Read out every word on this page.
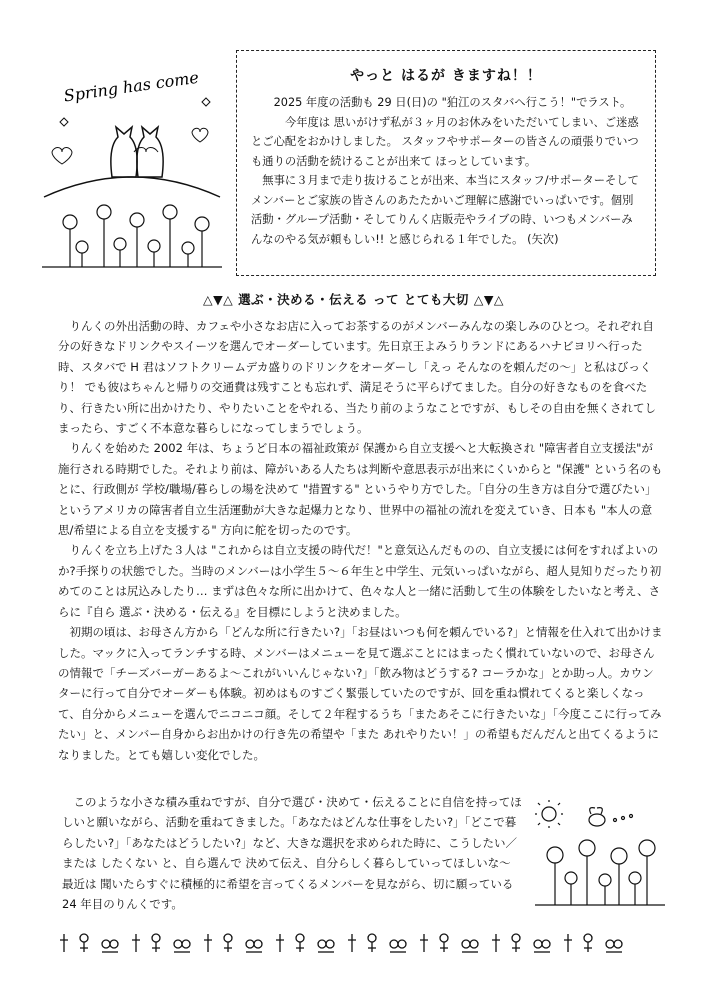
Spring has come	やっと はるが きますね！！

2025 年度の活動も 29 日(日)の "狛江のスタバへ行こう！"でラスト。

今年度は 思いがけず私が３ヶ月のお休みをいただいてしまい、ご迷惑とご心配をおかけしました。 スタッフやサポーターの皆さんの頑張りでいつも通りの活動を続けることが出来て ほっとしています。

無事に３月まで走り抜けることが出来、本当にスタッフ/サポーターそして メンバーとご家族の皆さんのあたたかいご理解に感謝でいっぱいです。個別活動・グループ活動・そしてりんく店販売やライブの時、いつもメンバーみんなのやる気が頼もしい!! と感じられる１年でした。 (矢次)

△▼△ 選ぶ・決める・伝える って とても大切 △▼△

りんくの外出活動の時、カフェや小さなお店に入ってお茶するのがメンバーみんなの楽しみのひとつ。それぞれ自分の好きなドリンクやスイーツを選んでオーダーしています。先日京王よみうりランドにあるハナビヨリへ行った時、スタバで H 君はソフトクリームデカ盛りのドリンクをオーダーし「えっ そんなのを頼んだの～」と私はびっくり！ でも彼はちゃんと帰りの交通費は残すことも忘れず、満足そうに平らげてました。自分の好きなものを食べたり、行きたい所に出かけたり、やりたいことをやれる、当たり前のようなことですが、もしその自由を無くされてしまったら、すごく不本意な暮らしになってしまうでしょう。

りんくを始めた 2002 年は、ちょうど日本の福祉政策が 保護から自立支援へと大転換され "障害者自立支援法"が施行される時期でした。それより前は、障がいある人たちは判断や意思表示が出来にくいからと "保護" という名のもとに、行政側が 学校/職場/暮らしの場を決めて "措置する" というやり方でした。「自分の生き方は自分で選びたい」というアメリカの障害者自立生活運動が大きな起爆力となり、世界中の福祉の流れを変えていき、日本も "本人の意思/希望による自立を支援する" 方向に舵を切ったのです。

りんくを立ち上げた３人は "これからは自立支援の時代だ！"と意気込んだものの、自立支援には何をすればよいのか?手探りの状態でした。当時のメンバーは小学生５～６年生と中学生、元気いっぱいながら、超人見知りだったり初めてのことは尻込みしたり… まずは色々な所に出かけて、色々な人と一緒に活動して生の体験をしたいなと考え、さらに『自ら 選ぶ・決める・伝える』を目標にしようと決めました。

初期の頃は、お母さん方から「どんな所に行きたい?」「お昼はいつも何を頼んでいる?」と情報を仕入れて出かけました。マックに入ってランチする時、メンバーはメニューを見て選ぶことにはまったく慣れていないので、お母さんの情報で「チーズバーガーあるよ～これがいいんじゃない?」「飲み物はどうする? コーラかな」とか助っ人。カウンターに行って自分でオーダーも体験。初めはものすごく緊張していたのですが、回を重ね慣れてくると楽しくなって、自分からメニューを選んでニコニコ顔。そして２年程するうち「またあそこに行きたいな」「今度ここに行ってみたい」と、メンバー自身からお出かけの行き先の希望や「また あれやりたい！」の希望もだんだんと出てくるようになりました。とても嬉しい変化でした。

このような小さな積み重ねですが、自分で選び・決めて・伝えることに自信を持ってほしいと願いながら、活動を重ねてきました。「あなたはどんな仕事をしたい?」「どこで暮らしたい?」「あなたはどうしたい?」など、大きな選択を求められた時に、こうしたい／または したくない と、自ら選んで 決めて伝え、自分らしく暮らしていってほしいな～ 最近は 聞いたらすぐに積極的に希望を言ってくるメンバーを見ながら、切に願っている 24 年目のりんくです。
